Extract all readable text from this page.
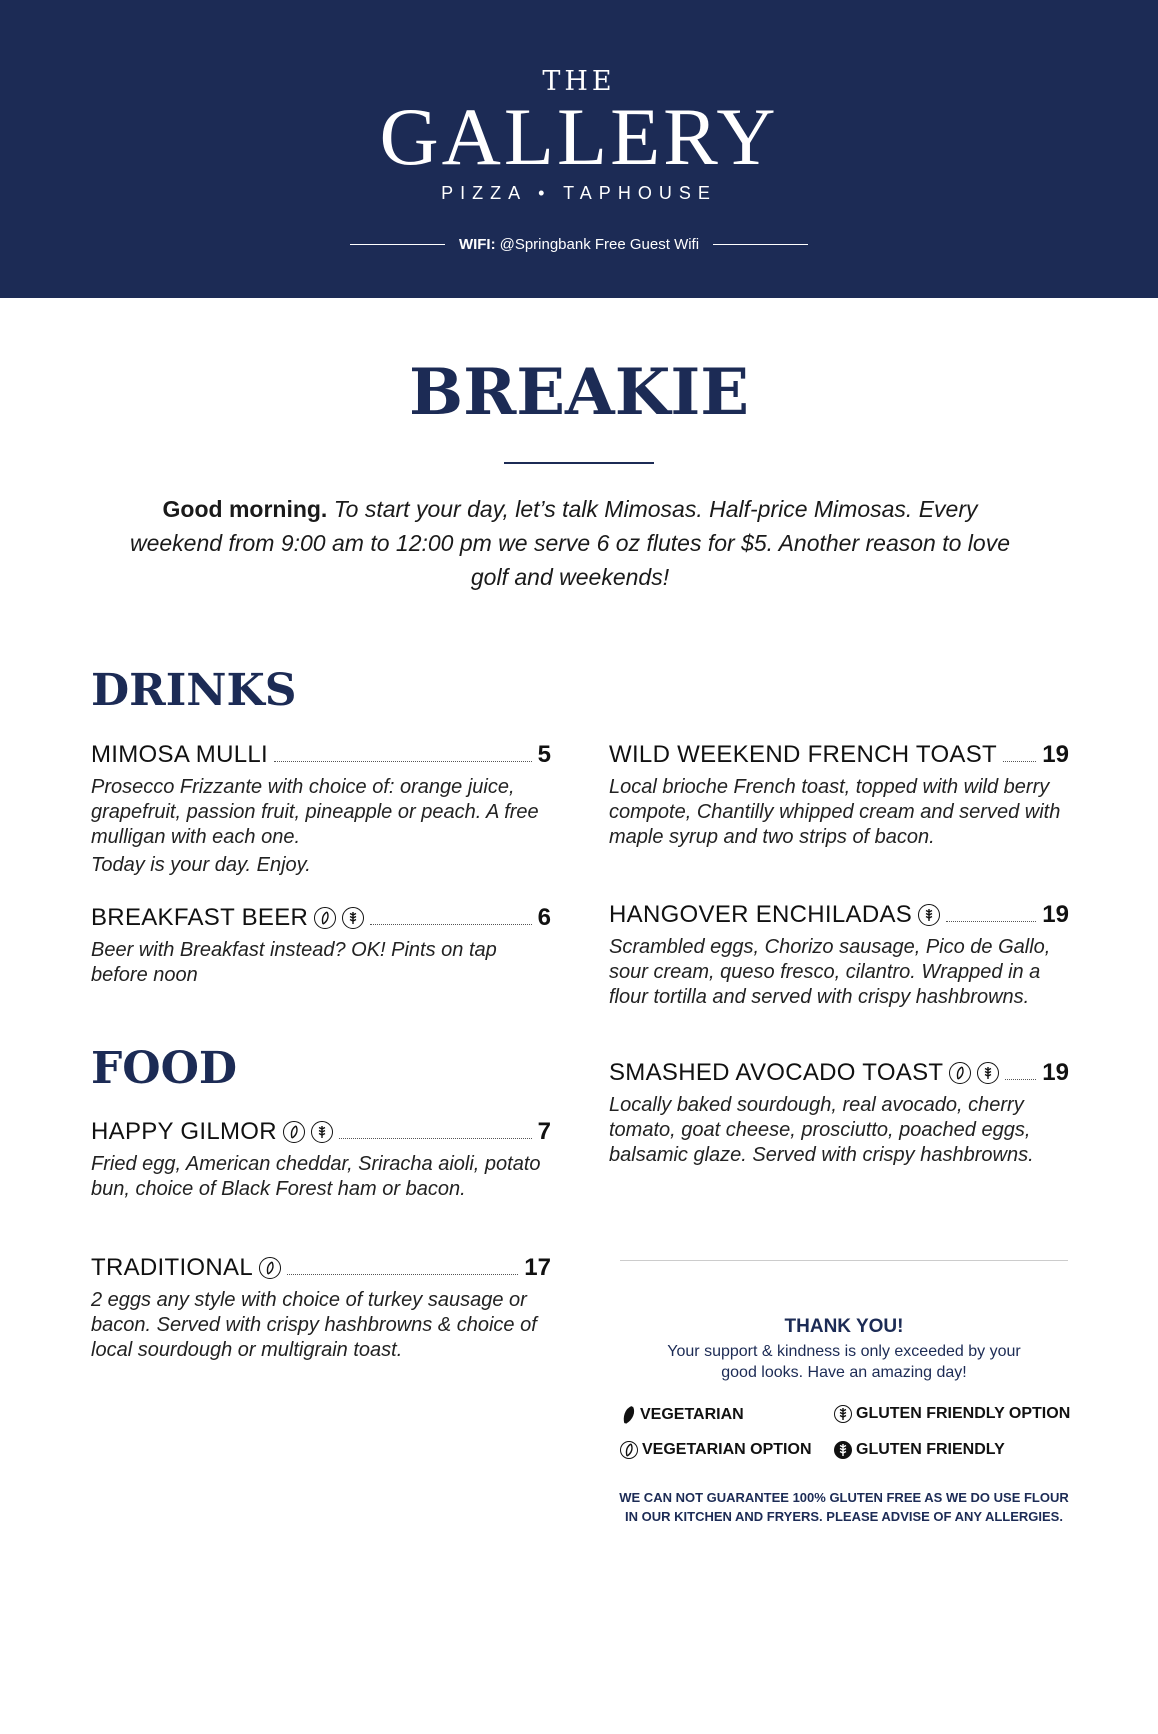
THE
GALLERY
PIZZA • TAPHOUSE
WIFI: @Springbank Free Guest Wifi
BREAKIE
Good morning. To start your day, let’s talk Mimosas. Half-price Mimosas. Every weekend from 9:00 am to 12:00 pm we serve 6 oz flutes for $5. Another reason to love golf and weekends!
DRINKS
MIMOSA MULLI	5
Prosecco Frizzante with choice of: orange juice, grapefruit, passion fruit, pineapple or peach. A free mulligan with each one.
Today is your day. Enjoy.
BREAKFAST BEER	6
Beer with Breakfast instead? OK! Pints on tap before noon
FOOD
HAPPY GILMOR	7
Fried egg, American cheddar, Sriracha aioli, potato bun, choice of Black Forest ham or bacon.
TRADITIONAL	17
2 eggs any style with choice of turkey sausage or bacon. Served with crispy hashbrowns & choice of local sourdough or multigrain toast.
WILD WEEKEND FRENCH TOAST 19
Local brioche French toast, topped with wild berry compote, Chantilly whipped cream and served with maple syrup and two strips of bacon.
HANGOVER ENCHILADAS	19
Scrambled eggs, Chorizo sausage, Pico de Gallo, sour cream, queso fresco, cilantro. Wrapped in a flour tortilla and served with crispy hashbrowns.
SMASHED AVOCADO TOAST	19
Locally baked sourdough, real avocado, cherry tomato, goat cheese, prosciutto, poached eggs, balsamic glaze. Served with crispy hashbrowns.
THANK YOU!
Your support & kindness is only exceeded by your good looks. Have an amazing day!
VEGETARIAN	GLUTEN FRIENDLY OPTION
VEGETARIAN OPTION	GLUTEN FRIENDLY
WE CAN NOT GUARANTEE 100% GLUTEN FREE AS WE DO USE FLOUR IN OUR KITCHEN AND FRYERS. PLEASE ADVISE OF ANY ALLERGIES.
